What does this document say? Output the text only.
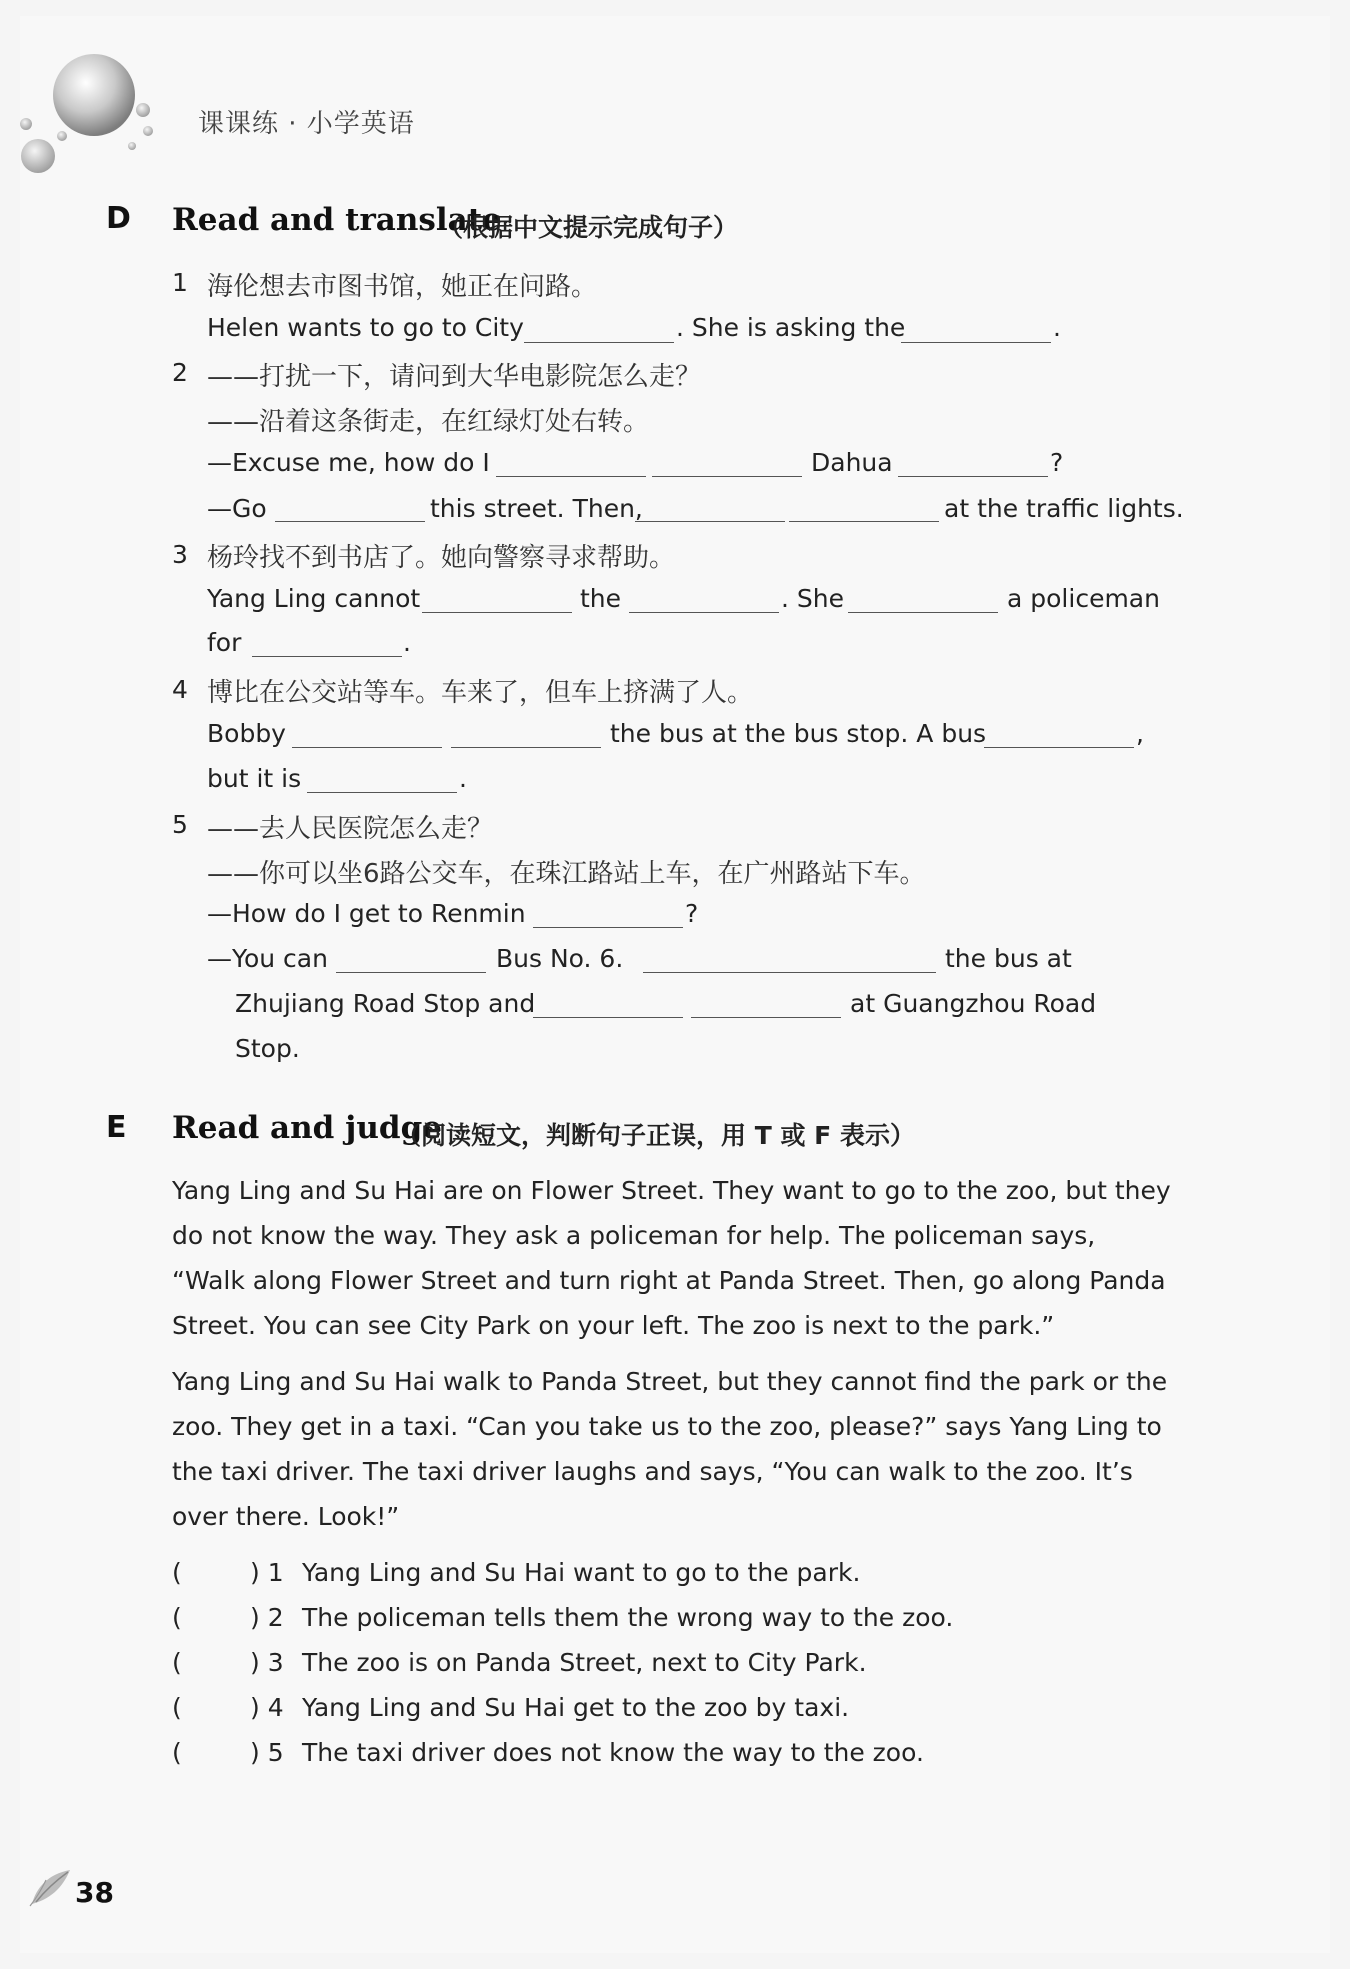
课课练 · 小学英语
D Read and translate
（根据中文提示完成句子）
1 海伦想去市图书馆，她正在问路。
Helen wants to go to City	. She is asking the	.
2 ——打扰一下，请问到大华电影院怎么走？
——沿着这条街走，在红绿灯处右转。
—Excuse me, how do I	Dahua	?
—Go	this street. Then,	at the traffic lights.
3 杨玲找不到书店了。她向警察寻求帮助。
Yang Ling cannot	the	. She	a policeman
for	.
4 博比在公交站等车。车来了，但车上挤满了人。
Bobby	the bus at the bus stop. A bus	,
but it is	.
5 ——去人民医院怎么走？
——你可以坐6路公交车，在珠江路站上车，在广州路站下车。
—How do I get to Renmin	?
—You can	Bus No. 6.	the bus at
Zhujiang Road Stop and	at Guangzhou Road
Stop.
E Read and judge
（阅读短文，判断句子正误，用 T 或 F 表示）

Yang Ling and Su Hai are on Flower Street. They want to go to the zoo, but they do not know the way. They ask a policeman for help. The policeman says, “Walk along Flower Street and turn right at Panda Street. Then, go along Panda Street. You can see City Park on your left. The zoo is next to the park.”

Yang Ling and Su Hai walk to Panda Street, but they cannot find the park or the zoo. They get in a taxi. “Can you take us to the zoo, please?” says Yang Ling to the taxi driver. The taxi driver laughs and says, “You can walk to the zoo. It’s over there. Look!”

(	) 1 Yang Ling and Su Hai want to go to the park.
(	) 2 The policeman tells them the wrong way to the zoo.
(	) 3 The zoo is on Panda Street, next to City Park.
(	) 4 Yang Ling and Su Hai get to the zoo by taxi.
(	) 5 The taxi driver does not know the way to the zoo.
38
